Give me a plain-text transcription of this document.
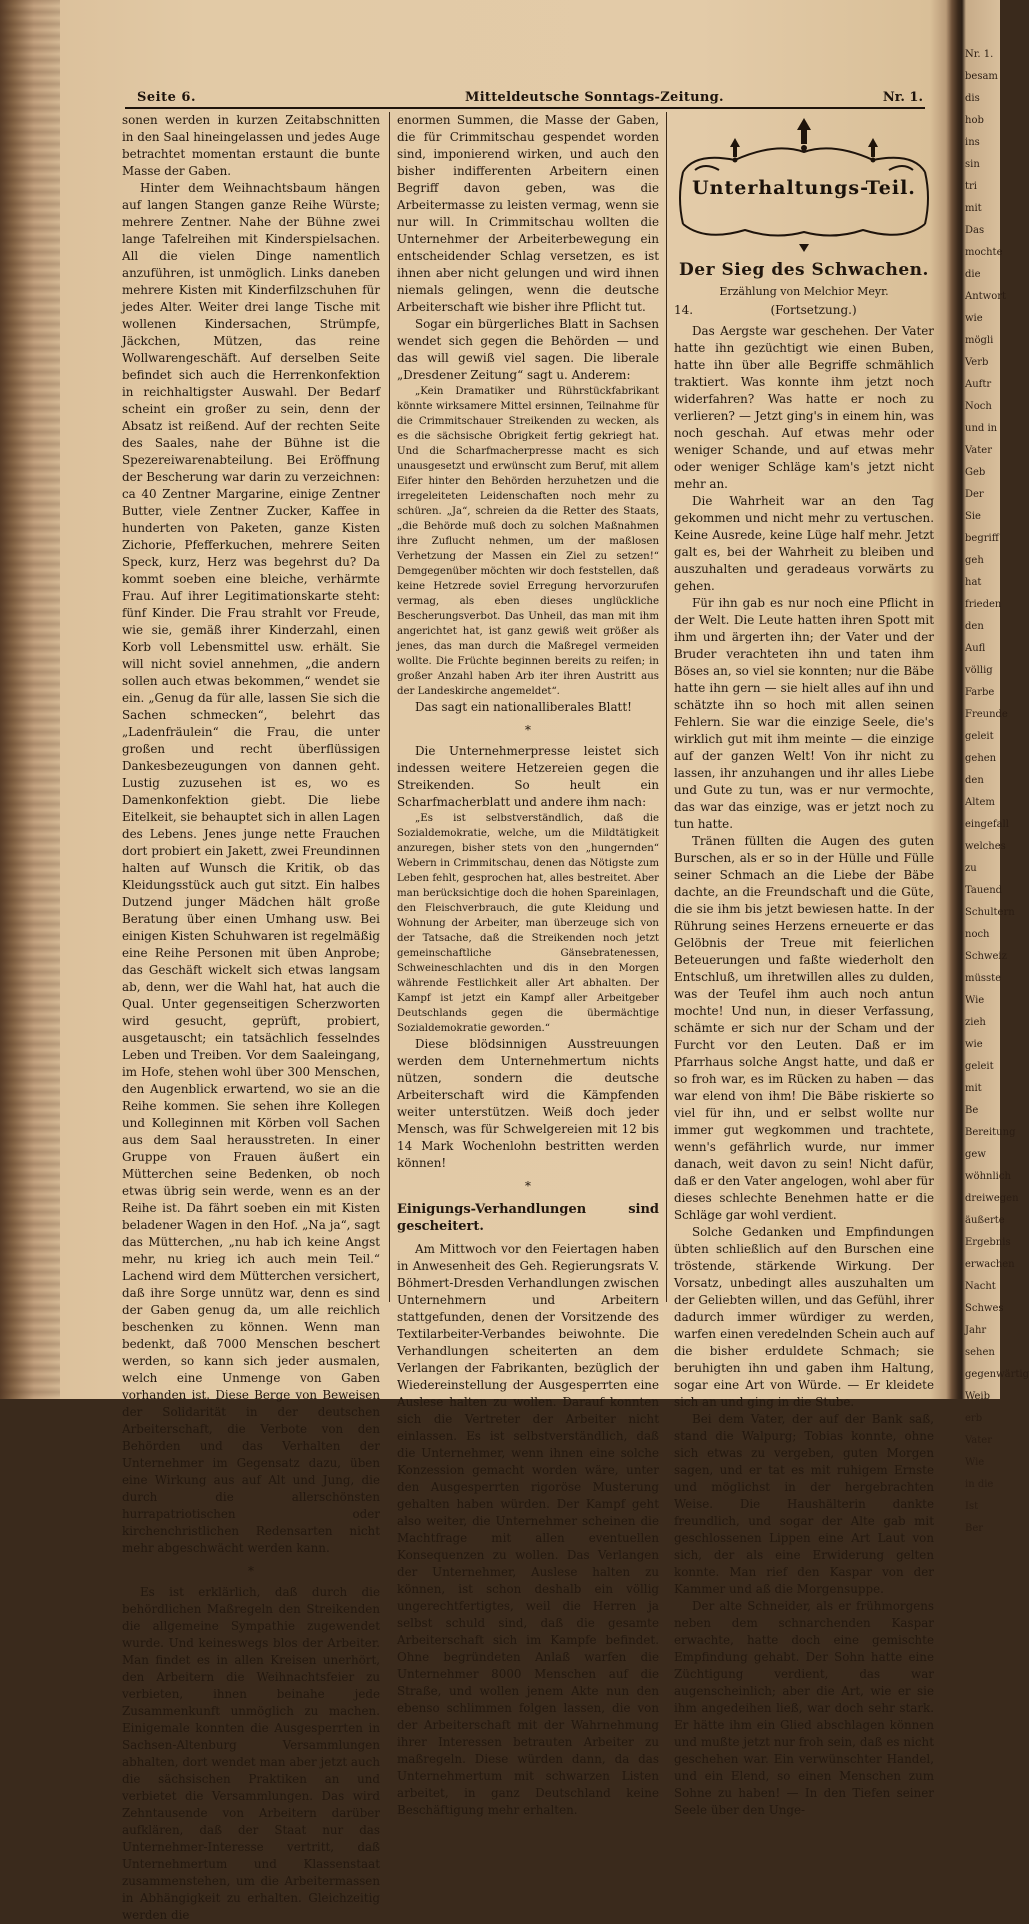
Seite 6.	Mitteldeutsche Sonntags-Zeitung.	Nr. 1.

sonen werden in kurzen Zeitabschnitten in den Saal hineingelassen und jedes Auge betrachtet momentan erstaunt die bunte Masse der Gaben.

Hinter dem Weihnachtsbaum hängen auf langen Stangen ganze Reihe Würste; mehrere Zentner. Nahe der Bühne zwei lange Tafelreihen mit Kinderspielsachen. All die vielen Dinge namentlich anzuführen, ist unmöglich. Links daneben mehrere Kisten mit Kinderfilzschuhen für jedes Alter. Weiter drei lange Tische mit wollenen Kindersachen, Strümpfe, Jäckchen, Mützen, das reine Wollwarengeschäft. Auf derselben Seite befindet sich auch die Herrenkonfektion in reichhaltigster Auswahl. Der Bedarf scheint ein großer zu sein, denn der Absatz ist reißend. Auf der rechten Seite des Saales, nahe der Bühne ist die Spezereiwarenabteilung. Bei Eröffnung der Bescherung war darin zu verzeichnen: ca 40 Zentner Margarine, einige Zentner Butter, viele Zentner Zucker, Kaffee in hunderten von Paketen, ganze Kisten Zichorie, Pfefferkuchen, mehrere Seiten Speck, kurz, Herz was begehrst du? Da kommt soeben eine bleiche, verhärmte Frau. Auf ihrer Legitimationskarte steht: fünf Kinder. Die Frau strahlt vor Freude, wie sie, gemäß ihrer Kinderzahl, einen Korb voll Lebensmittel usw. erhält. Sie will nicht soviel annehmen, „die andern sollen auch etwas bekommen,“ wendet sie ein. „Genug da für alle, lassen Sie sich die Sachen schmecken“, belehrt das „Ladenfräulein“ die Frau, die unter großen und recht überflüssigen Dankesbezeugungen von dannen geht. Lustig zuzusehen ist es, wo es Damenkonfektion giebt. Die liebe Eitelkeit, sie behauptet sich in allen Lagen des Lebens. Jenes junge nette Frauchen dort probiert ein Jakett, zwei Freundinnen halten auf Wunsch die Kritik, ob das Kleidungsstück auch gut sitzt. Ein halbes Dutzend junger Mädchen hält große Beratung über einen Umhang usw. Bei einigen Kisten Schuhwaren ist regelmäßig eine Reihe Personen mit üben Anprobe; das Geschäft wickelt sich etwas langsam ab, denn, wer die Wahl hat, hat auch die Qual. Unter gegenseitigen Scherzworten wird gesucht, geprüft, probiert, ausgetauscht; ein tatsächlich fesselndes Leben und Treiben. Vor dem Saaleingang, im Hofe, stehen wohl über 300 Menschen, den Augenblick erwartend, wo sie an die Reihe kommen. Sie sehen ihre Kollegen und Kolleginnen mit Körben voll Sachen aus dem Saal herausstreten. In einer Gruppe von Frauen äußert ein Mütterchen seine Bedenken, ob noch etwas übrig sein werde, wenn es an der Reihe ist. Da fährt soeben ein mit Kisten beladener Wagen in den Hof. „Na ja“, sagt das Mütterchen, „nu hab ich keine Angst mehr, nu krieg ich auch mein Teil.“ Lachend wird dem Mütterchen versichert, daß ihre Sorge unnütz war, denn es sind der Gaben genug da, um alle reichlich beschenken zu können. Wenn man bedenkt, daß 7000 Menschen beschert werden, so kann sich jeder ausmalen, welch eine Unmenge von Gaben vorhanden ist. Diese Berge von Beweisen der Solidarität in der deutschen Arbeiterschaft, die Verbote von den Behörden und das Verhalten der Unternehmer im Gegensatz dazu, üben eine Wirkung aus auf Alt und Jung, die durch die allerschönsten hurrapatriotischen oder kirchenchristlichen Redensarten nicht mehr abgeschwächt werden kann.

*

Es ist erklärlich, daß durch die behördlichen Maßregeln den Streikenden die allgemeine Sympathie zugewendet wurde. Und keineswegs blos der Arbeiter. Man findet es in allen Kreisen unerhört, den Arbeitern die Weihnachtsfeier zu verbieten, ihnen beinahe jede Zusammenkunft unmöglich zu machen. Einigemale konnten die Ausgesperrten in Sachsen-Altenburg Versammlungen abhalten, dort wendet man aber jetzt auch die sächsischen Praktiken an und verbietet die Versammlungen. Das wird Zehntausende von Arbeitern darüber aufklären, daß der Staat nur das Unternehmer-Interesse vertritt, daß Unternehmertum und Klassenstaat zusammenstehen, um die Arbeitermassen in Abhängigkeit zu erhalten. Gleichzeitig werden die

enormen Summen, die Masse der Gaben, die für Crimmitschau gespendet worden sind, imponierend wirken, und auch den bisher indifferenten Arbeitern einen Begriff davon geben, was die Arbeitermasse zu leisten vermag, wenn sie nur will. In Crimmitschau wollten die Unternehmer der Arbeiterbewegung ein entscheidender Schlag versetzen, es ist ihnen aber nicht gelungen und wird ihnen niemals gelingen, wenn die deutsche Arbeiterschaft wie bisher ihre Pflicht tut.

Sogar ein bürgerliches Blatt in Sachsen wendet sich gegen die Behörden — und das will gewiß viel sagen. Die liberale „Dresdener Zeitung“ sagt u. Anderem:

„Kein Dramatiker und Rührstückfabrikant könnte wirksamere Mittel ersinnen, Teilnahme für die Crimmitschauer Streikenden zu wecken, als es die sächsische Obrigkeit fertig gekriegt hat. Und die Scharfmacherpresse macht es sich unausgesetzt und erwünscht zum Beruf, mit allem Eifer hinter den Behörden herzuhetzen und die irregeleiteten Leidenschaften noch mehr zu schüren. „Ja“, schreien da die Retter des Staats, „die Behörde muß doch zu solchen Maßnahmen ihre Zuflucht nehmen, um der maßlosen Verhetzung der Massen ein Ziel zu setzen!“ Demgegenüber möchten wir doch feststellen, daß keine Hetzrede soviel Erregung hervorzurufen vermag, als eben dieses unglückliche Bescherungsverbot. Das Unheil, das man mit ihm angerichtet hat, ist ganz gewiß weit größer als jenes, das man durch die Maßregel vermeiden wollte. Die Früchte beginnen bereits zu reifen; in großer Anzahl haben Arb iter ihren Austritt aus der Landeskirche angemeldet“.

Das sagt ein nationalliberales Blatt!

*

Die Unternehmerpresse leistet sich indessen weitere Hetzereien gegen die Streikenden. So heult ein Scharfmacherblatt und andere ihm nach:

„Es ist selbstverständlich, daß die Sozialdemokratie, welche, um die Mildtätigkeit anzuregen, bisher stets von den „hungernden“ Webern in Crimmitschau, denen das Nötigste zum Leben fehlt, gesprochen hat, alles bestreitet. Aber man berücksichtige doch die hohen Spareinlagen, den Fleischverbrauch, die gute Kleidung und Wohnung der Arbeiter, man überzeuge sich von der Tatsache, daß die Streikenden noch jetzt gemeinschaftliche Gänsebratenessen, Schweineschlachten und dis in den Morgen währende Festlichkeit aller Art abhalten. Der Kampf ist jetzt ein Kampf aller Arbeitgeber Deutschlands gegen die übermächtige Sozialdemokratie geworden.“

Diese blödsinnigen Ausstreuungen werden dem Unternehmertum nichts nützen, sondern die deutsche Arbeiterschaft wird die Kämpfenden weiter unterstützen. Weiß doch jeder Mensch, was für Schwelgereien mit 12 bis 14 Mark Wochenlohn bestritten werden können!

*

Einigungs-Verhandlungen sind gescheitert.

Am Mittwoch vor den Feiertagen haben in Anwesenheit des Geh. Regierungsrats V. Böhmert-Dresden Verhandlungen zwischen Unternehmern und Arbeitern stattgefunden, denen der Vorsitzende des Textilarbeiter-Verbandes beiwohnte. Die Verhandlungen scheiterten an dem Verlangen der Fabrikanten, bezüglich der Wiedereinstellung der Ausgesperrten eine Auslese halten zu wollen. Darauf konnten sich die Vertreter der Arbeiter nicht einlassen. Es ist selbstverständlich, daß die Unternehmer, wenn ihnen eine solche Konzession gemacht worden wäre, unter den Ausgesperrten rigoröse Musterung gehalten haben würden. Der Kampf geht also weiter, die Unternehmer scheinen die Machtfrage mit allen eventuellen Konsequenzen zu wollen. Das Verlangen der Unternehmer, Auslese halten zu können, ist schon deshalb ein völlig ungerechtfertigtes, weil die Herren ja selbst schuld sind, daß die gesamte Arbeiterschaft sich im Kampfe befindet. Ohne begründeten Anlaß warfen die Unternehmer 8000 Menschen auf die Straße, und wollen jenem Akte nun den ebenso schlimmen folgen lassen, die von der Arbeiterschaft mit der Wahrnehmung ihrer Interessen betrauten Arbeiter zu maßregeln. Diese würden dann, da das Unternehmertum mit schwarzen Listen arbeitet, in ganz Deutschland keine Beschäftigung mehr erhalten.

Unterhaltungs-Teil.
Der Sieg des Schwachen.
Erzählung von Melchior Meyr.
14.	(Fortsetzung.)

Das Aergste war geschehen. Der Vater hatte ihn gezüchtigt wie einen Buben, hatte ihn über alle Begriffe schmählich traktiert. Was konnte ihm jetzt noch widerfahren? Was hatte er noch zu verlieren? — Jetzt ging's in einem hin, was noch geschah. Auf etwas mehr oder weniger Schande, und auf etwas mehr oder weniger Schläge kam's jetzt nicht mehr an.

Die Wahrheit war an den Tag gekommen und nicht mehr zu vertuschen. Keine Ausrede, keine Lüge half mehr. Jetzt galt es, bei der Wahrheit zu bleiben und auszuhalten und geradeaus vorwärts zu gehen.

Für ihn gab es nur noch eine Pflicht in der Welt. Die Leute hatten ihren Spott mit ihm und ärgerten ihn; der Vater und der Bruder verachteten ihn und taten ihm Böses an, so viel sie konnten; nur die Bäbe hatte ihn gern — sie hielt alles auf ihn und schätzte ihn so hoch mit allen seinen Fehlern. Sie war die einzige Seele, die's wirklich gut mit ihm meinte — die einzige auf der ganzen Welt! Von ihr nicht zu lassen, ihr anzuhangen und ihr alles Liebe und Gute zu tun, was er nur vermochte, das war das einzige, was er jetzt noch zu tun hatte.

Tränen füllten die Augen des guten Burschen, als er so in der Hülle und Fülle seiner Schmach an die Liebe der Bäbe dachte, an die Freundschaft und die Güte, die sie ihm bis jetzt bewiesen hatte. In der Rührung seines Herzens erneuerte er das Gelöbnis der Treue mit feierlichen Beteuerungen und faßte wiederholt den Entschluß, um ihretwillen alles zu dulden, was der Teufel ihm auch noch antun mochte! Und nun, in dieser Verfassung, schämte er sich nur der Scham und der Furcht vor den Leuten. Daß er im Pfarrhaus solche Angst hatte, und daß er so froh war, es im Rücken zu haben — das war elend von ihm! Die Bäbe riskierte so viel für ihn, und er selbst wollte nur immer gut wegkommen und trachtete, wenn's gefährlich wurde, nur immer danach, weit davon zu sein! Nicht dafür, daß er den Vater angelogen, wohl aber für dieses schlechte Benehmen hatte er die Schläge gar wohl verdient.

Solche Gedanken und Empfindungen übten schließlich auf den Burschen eine tröstende, stärkende Wirkung. Der Vorsatz, unbedingt alles auszuhalten um der Geliebten willen, und das Gefühl, ihrer dadurch immer würdiger zu werden, warfen einen veredelnden Schein auch auf die bisher erduldete Schmach; sie beruhigten ihn und gaben ihm Haltung, sogar eine Art von Würde. — Er kleidete sich an und ging in die Stube.

Bei dem Vater, der auf der Bank saß, stand die Walpurg; Tobias konnte, ohne sich etwas zu vergeben, guten Morgen sagen, und er tat es mit ruhigem Ernste und möglichst in der hergebrachten Weise. Die Haushälterin dankte freundlich, und sogar der Alte gab mit geschlossenen Lippen eine Art Laut von sich, der als eine Erwiderung gelten konnte. Man rief den Kaspar von der Kammer und aß die Morgensuppe.

Der alte Schneider, als er frühmorgens neben dem schnarchenden Kaspar erwachte, hatte doch eine gemischte Empfindung gehabt. Der Sohn hatte eine Züchtigung verdient, das war augenscheinlich; aber die Art, wie er sie ihm angedeihen ließ, war doch sehr stark. Er hätte ihm ein Glied abschlagen können und mußte jetzt nur froh sein, daß es nicht geschehen war. Ein verwünschter Handel, und ein Elend, so einen Menschen zum Sohne zu haben! — In den Tiefen seiner Seele über den Unge-

Nr. 1.
besam
dis
hob
ins
sin
tri
mit
Das
mochte
die
Antwort
wie
mögli
Verb
Auftr
Noch
und in
Vater
Geb
Der
Sie
begriff
geh
hat
frieden
den
Aufl
völlig
Farbe
Freunde
geleit
gehen
den
Altem
eingefall
welches
zu
Tauend
Schultern
noch
Schweiz
müsste
Wie
zieh
wie
geleit
mit
Be
Bereitung
gew
wöhnlich
dreiwegen
äußerte
Ergebnis
erwachen
Nacht
Schwes
Jahr
sehen
gegenwärtig
Weib
erb
Vater
Wie
in die
Ist
Ber
